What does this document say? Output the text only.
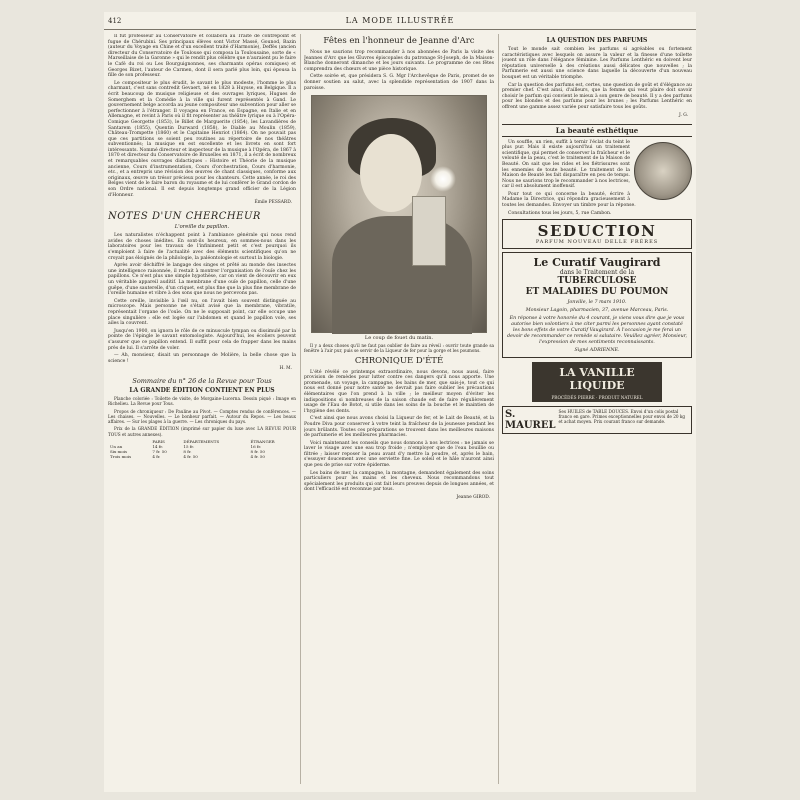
412	LA MODE ILLUSTRÉE

Il fut professeur au Conservatoire et collabora au Traité de contrepoint et fugue de Chérubini. Ses principaux élèves sont Victor Massé, Gounod, Bazin (auteur du Voyage en Chine et d'un excellent traité d'Harmonie), Deffès (ancien directeur du Conservatoire de Toulouse qui composa la Toulousaine, sorte de « Marseillaise de la Garonne » qui le rendit plus célèbre que n'auraient pu le faire le Café du roi ou Les Bourguignonnes, ses charmants opéras comiques) et Georges Bizet, l'auteur de Carmen, dont il sera parlé plus loin, qui épousa la fille de son professeur.

Le compositeur le plus érudit, le savant le plus modeste, l'homme le plus charmant, c'est sans contredit Gevaert, né en 1828 à Huysse, en Belgique. Il a écrit beaucoup de musique religieuse et des ouvrages lyriques, Hugues de Somerghem et la Comédie à la ville qui furent représentés à Gand. Le gouvernement belge accorda au jeune compositeur une subvention pour aller se perfectionner à l'étranger. Il voyagea en France, en Espagne, en Italie et en Allemagne, et revint à Paris où il fit représenter au théâtre lyrique ou à l'Opéra-Comique Georgette (1853), le Billet de Marguerite (1854), les Lavandières de Santarem (1855), Quentin Durward (1858), le Diable au Moulin (1859), Château-Trompette (1860) et le Capitaine Henriot (1864). On ne pouvait pas que ces partitions se soient peu routines au répertoire de nos théâtres subventionnés; la musique en est excellente et les livrets en sont fort intéressants. Nommé directeur et inspecteur de la musique à l'Opéra, de 1867 à 1870 et directeur du Conservatoire de Bruxelles en 1871, il a écrit de nombreux et remarquables ouvrages didactiques : Histoire et Théorie de la musique ancienne, Cours d'instrumentation, Cours d'orchestration, Cours d'harmonie, etc., et a entrepris une révision des œuvres de chant classiques, conforme aux originaux, œuvre un trésor précieux pour les chanteurs. Cette année, le roi des Belges vient de le faire baron du royaume et de lui conférer le Grand cordon de son Ordre national. Il est depuis longtemps grand officier de la Légion d'Honneur.

Émile PESSARD.
NOTES D'UN CHERCHEUR
L'oreille du papillon.

Les naturalistes n'échappent point à l'ambiance générale qui nous rend avides de choses inédites. En sont-ils heureux, en sommes-nous dans les laboratoires pour les travaux de l'infiniment petit et c'est pourquoi ils s'emploient à faire de l'actualité avec des éléments scientifiques qu'on ne croyait pas éloignés de la philologie, la paléontologie et surtout la biologie.

Après avoir déchiffré le langage des singes et prêté au monde des insectes une intelligence raisonnée, il restait à montrer l'organisation de l'ouïe chez les papillons. Ce n'est plus une simple hypothèse, car on vient de découvrir en eux un véritable appareil auditif. La membrane d'une ouïe de papillon, celle d'une guêpe, d'une sauterelle, d'un criquet, est plus fine que la plus fine membrane de l'oreille humaine et vibre à des sons que nous ne percevons pas.

Cette oreille, invisible à l'œil nu, on l'avait bien souvent distinguée au microscope. Mais personne ne s'était avisé que la membrane, vibratile, représentait l'organe de l'ouïe. On ne le supposait point, car elle occupe une place singulière : elle est logée sur l'abdomen et quand le papillon vole, ses ailes la couvrent.

Jusqu'en 1900, on ignora le rôle de ce minuscule tympan ou dissimulé par la pointe de l'épingle le savant entomologiste. Aujourd'hui, les écoliers peuvent s'assurer que ce papillon entend. Il suffit pour cela de frapper dans les mains près de lui. Il s'arrête de voler.

— Ah, monsieur, disait un personnage de Molière, la belle chose que la science !

H. M.
Sommaire du n° 26 de la Revue pour Tous
LA GRANDE ÉDITION CONTIENT EN PLUS

Planche coloriée : Toilette de visite, de Morgaine-Lucerna. Dessin piqué : Image en Richelieu. La Revue pour Tous.

Propos de chroniqueur : De Pauline au Pivot. — Comptes rendus de conférences. — Les chaises. — Nouvelles. — Le bonheur parfait. — Autour du Repos. — Les beaux affaires. — Sur les plages à la guerre. — Les chroniques du pays.

Prix de la GRANDE ÉDITION (imprimé sur papier du luxe avec LA REVUE POUR TOUS et autres annexes).

	PARIS	DÉPARTEMENTS	ÉTRANGER
Un an	14 fr.	15 fr.	16 fr.
Six mois	7 fr. 50	8 fr.	8 fr. 50
Trois mois	4 fr.	4 fr. 50	4 fr. 50
Fêtes en l'honneur de Jeanne d'Arc

Nous ne saurions trop recommander à nos abonnées de Paris la visite des Jeannes d'Arc que les Œuvres épiscopales du patronage St-Joseph, de la Maison-Blanche donneront dimanche et les jours suivants. Le programme de ces fêtes comprendra des chœurs et une pièce historique.

Cette soirée et, que présidera S. G. Mgr l'Archevêque de Paris, promet de se donner soutien au salut, avec la splendide représentation de 1907 dans la paroisse.

Le coup de fouet du matin.

Il y a deux choses qu'il ne faut pas oublier de faire au réveil : ouvrir toute grande sa fenêtre à l'air pur, puis se servir de la Liqueur de fer pour la gorge et les poumons.

CHRONIQUE D'ÉTÉ

L'été révélé ce printemps extraordinaire, nous devons, nous aussi, faire provision de remèdes pour lutter contre ces dangers qu'il nous apporte. Une promenade, un voyage, la campagne, les bains de mer, que sais-je, tout ce qui nous est donné pour notre santé ne devrait pas faire oublier les précautions élémentaires que l'on prend à la ville ; le meilleur moyen d'éviter les indispositions si nombreuses de la saison chaude est de faire régulièrement usage de l'Eau de Botot, si utile dans les soins de la bouche et le maintien de l'hygiène des dents.

C'est ainsi que nous avons choisi la Liqueur de fer, et le Lait de Beauté, et la Poudre Diva pour conserver à votre teint la fraîcheur de la jeunesse pendant les jours brûlants. Toutes ces préparations se trouvent dans les meilleures maisons de parfumerie et les meilleures pharmacies.

Voici maintenant les conseils que nous donnons à nos lectrices : ne jamais se laver le visage avec une eau trop froide ; n'employer que de l'eau bouillie ou filtrée ; laisser reposer la peau avant d'y mettre la poudre, et, après le bain, s'essuyer doucement avec une serviette fine. Le soleil et le hâle n'auront ainsi que peu de prise sur votre épiderme.

Les bains de mer, la campagne, la montagne, demandent également des soins particuliers pour les mains et les cheveux. Nous recommandons tout spécialement les produits qui ont fait leurs preuves depuis de longues années, et dont l'efficacité est reconnue par tous.

Jeanne GIROD.
LA QUESTION DES PARFUMS

Tout le monde sait combien les parfums si agréables ou fortement caractéristiques avec lesquels on assure la valeur et la finesse d'une toilette jouent un rôle dans l'élégance féminine. Les Parfums Lenthéric en doivent leur réputation universelle à des créations aussi délicates que nouvelles ; la Parfumerie est aussi une science dans laquelle la découverte d'un nouveau bouquet est un véritable triomphe.

Car la question des parfums est, certes, une question de goût et d'élégance au premier chef. C'est ainsi, d'ailleurs, que la femme qui veut plaire doit savoir choisir le parfum qui convient le mieux à son genre de beauté. Il y a des parfums pour les blondes et des parfums pour les brunes ; les Parfums Lenthéric en offrent une gamme assez variée pour satisfaire tous les goûts.

J. G.
La beauté esthétique

Un souffle, un rien, suffit à ternir l'éclat du teint le plus pur. Mais il existe aujourd'hui un traitement scientifique, qui permet de conserver la fraîcheur et le velouté de la peau, c'est le traitement de la Maison de Beauté. On sait que les rides et les flétrissures sont les ennemies de toute beauté. Le traitement de la Maison de Beauté les fait disparaître en peu de temps. Nous ne saurions trop le recommander à nos lectrices, car il est absolument inoffensif.

Pour tout ce qui concerne la beauté, écrire à Madame la Directrice, qui répondra gracieusement à toutes les demandes. Envoyer un timbre pour la réponse.

Consultations tous les jours, 5, rue Cambon.

SEDUCTION
PARFUM NOUVEAU DELLE FRÈRES
Le Curatif Vaugirard
dans le Traitement de la
TUBERCULOSE
ET MALADIES DU POUMON
Jonville, le 7 mars 1910.
Monsieur Lagoin, pharmacien, 37, avenue Marceau, Paris.
En réponse à votre honorée du 4 courant, je viens vous dire que je vous autorise bien volontiers à me citer parmi les personnes ayant constaté les bons effets de votre Curatif Vaugirard. À l'occasion je me ferai un devoir de recommander ce remède si salutaire. Veuillez agréer, Monsieur, l'expression de mes sentiments reconnaissants.
Signé ADRIENNE.
LA VANILLE LIQUIDE
PROCÉDÉS PIERRE · PRODUIT NATUREL
S. MAUREL
Ses HUILES de TABLE DOUCES. Envoi d'un colis postal franco en gare. Primes exceptionnelles pour envoi de 20 kg et achat moyen. Prix courant franco sur demande.
